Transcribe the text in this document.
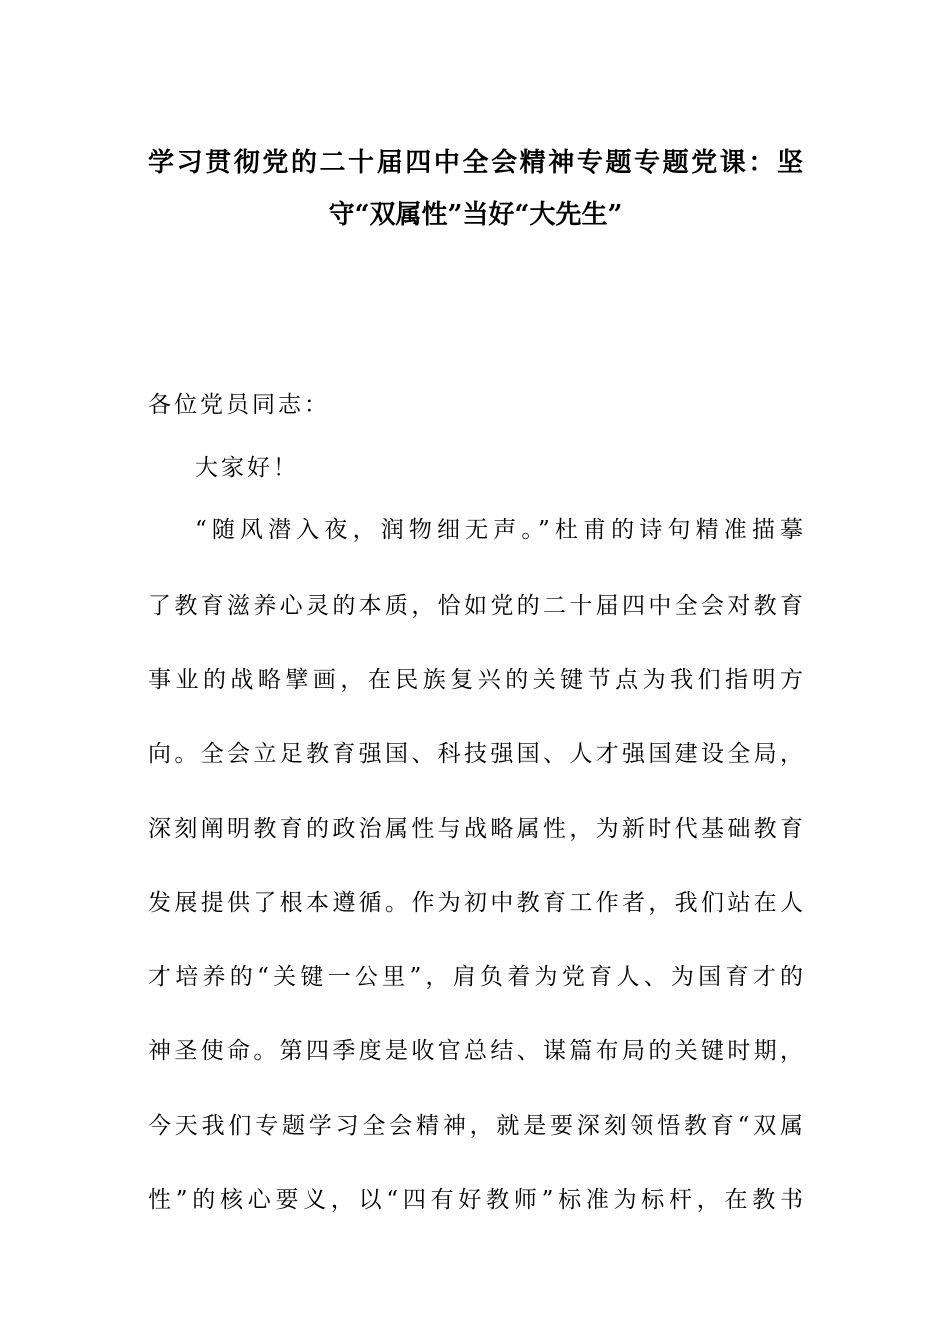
学习贯彻党的二十届四中全会精神专题专题党课：坚
守“双属性”当好“大先生”
各位党员同志：
大家好！
“随风潜入夜，润物细无声。”杜甫的诗句精准描摹
了教育滋养心灵的本质，恰如党的二十届四中全会对教育
事业的战略擘画，在民族复兴的关键节点为我们指明方
向。全会立足教育强国、科技强国、人才强国建设全局，
深刻阐明教育的政治属性与战略属性，为新时代基础教育
发展提供了根本遵循。作为初中教育工作者，我们站在人
才培养的“关键一公里”，肩负着为党育人、为国育才的
神圣使命。第四季度是收官总结、谋篇布局的关键时期，
今天我们专题学习全会精神，就是要深刻领悟教育“双属
性”的核心要义，以“四有好教师”标准为标杆，在教书
